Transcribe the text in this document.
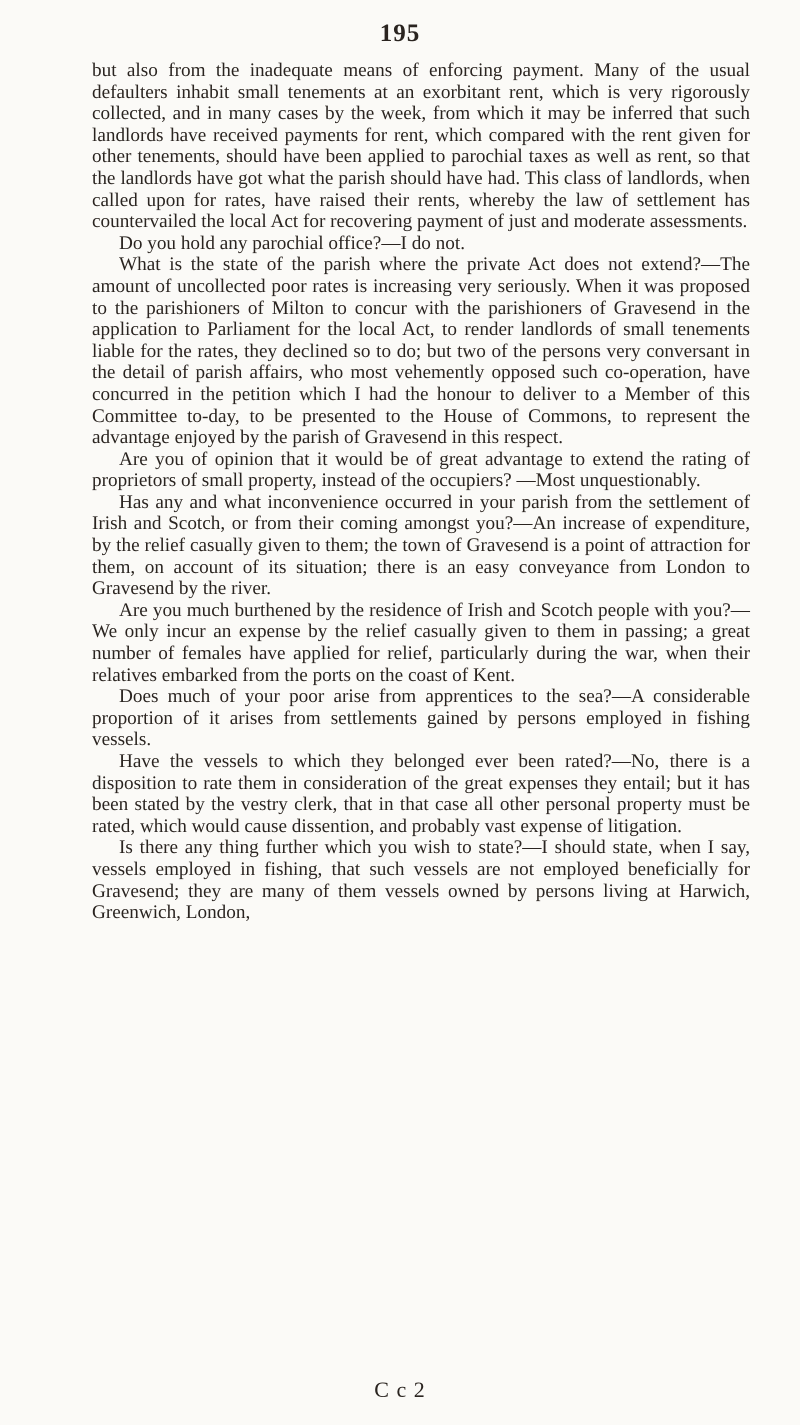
195

but also from the inadequate means of enforcing payment. Many of the usual defaulters inhabit small tenements at an exorbitant rent, which is very rigorously collected, and in many cases by the week, from which it may be inferred that such landlords have received payments for rent, which compared with the rent given for other tenements, should have been applied to parochial taxes as well as rent, so that the landlords have got what the parish should have had. This class of landlords, when called upon for rates, have raised their rents, whereby the law of settlement has countervailed the local Act for recovering payment of just and moderate assessments.

Do you hold any parochial office?—I do not.

What is the state of the parish where the private Act does not extend?—The amount of uncollected poor rates is increasing very seriously. When it was proposed to the parishioners of Milton to concur with the parishioners of Gravesend in the application to Parliament for the local Act, to render landlords of small tenements liable for the rates, they declined so to do; but two of the persons very conversant in the detail of parish affairs, who most vehemently opposed such co-operation, have concurred in the petition which I had the honour to deliver to a Member of this Committee to-day, to be presented to the House of Commons, to represent the advantage enjoyed by the parish of Gravesend in this respect.

Are you of opinion that it would be of great advantage to extend the rating of proprietors of small property, instead of the occupiers? —Most unquestionably.

Has any and what inconvenience occurred in your parish from the settlement of Irish and Scotch, or from their coming amongst you?—An increase of expenditure, by the relief casually given to them; the town of Gravesend is a point of attraction for them, on account of its situation; there is an easy conveyance from London to Gravesend by the river.

Are you much burthened by the residence of Irish and Scotch people with you?—We only incur an expense by the relief casually given to them in passing; a great number of females have applied for relief, particularly during the war, when their relatives embarked from the ports on the coast of Kent.

Does much of your poor arise from apprentices to the sea?—A considerable proportion of it arises from settlements gained by persons employed in fishing vessels.

Have the vessels to which they belonged ever been rated?—No, there is a disposition to rate them in consideration of the great expenses they entail; but it has been stated by the vestry clerk, that in that case all other personal property must be rated, which would cause dissention, and probably vast expense of litigation.

Is there any thing further which you wish to state?—I should state, when I say, vessels employed in fishing, that such vessels are not employed beneficially for Gravesend; they are many of them vessels owned by persons living at Harwich, Greenwich, London,

C c 2
